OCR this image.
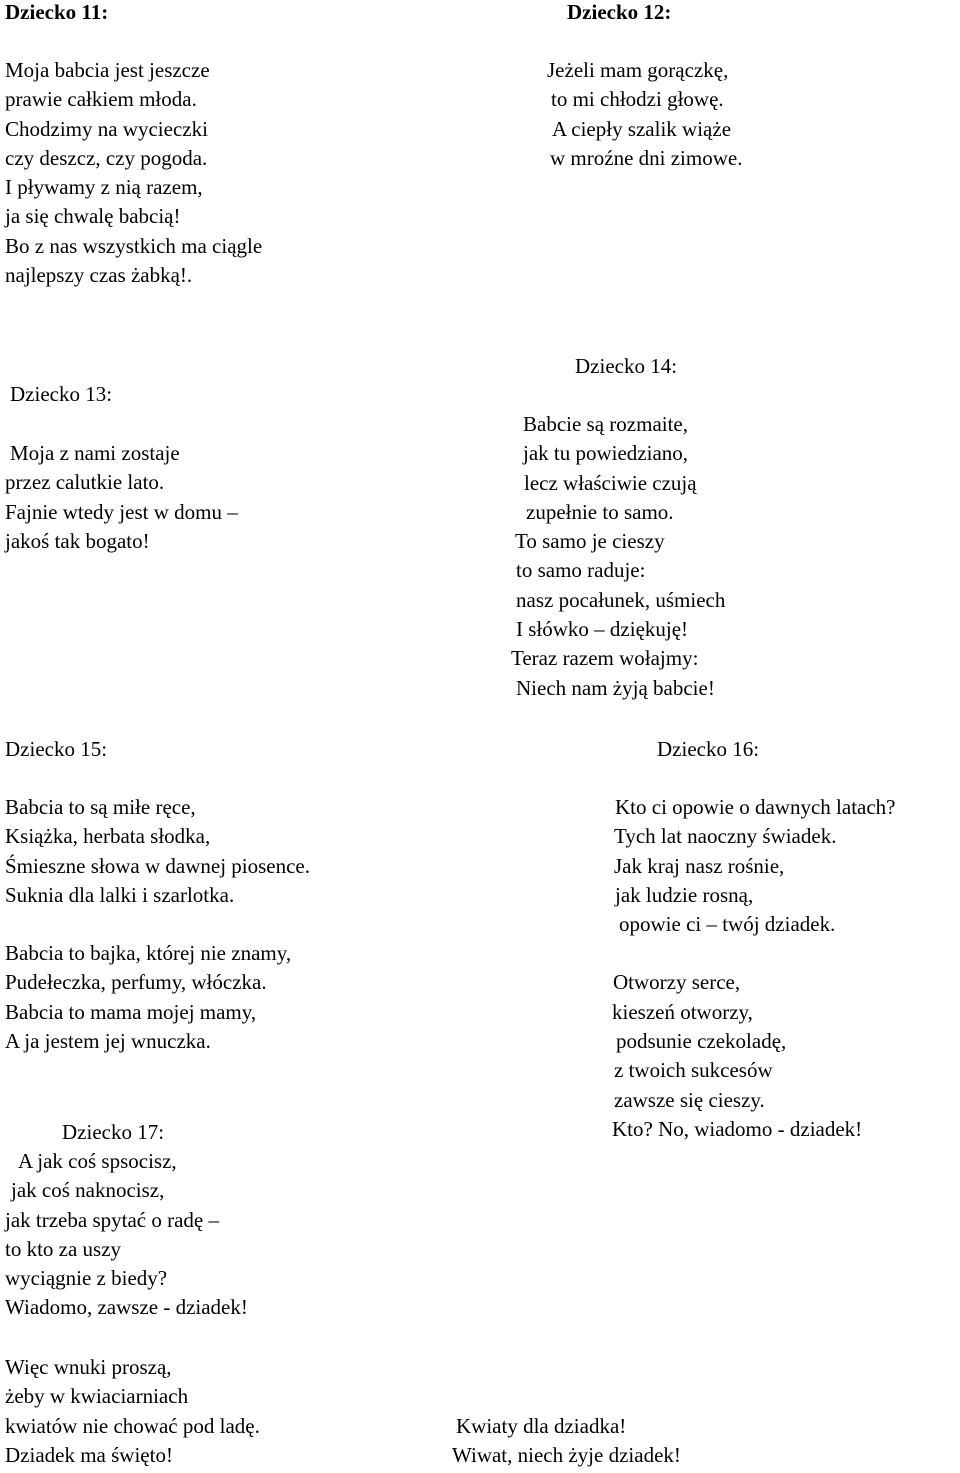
Dziecko 11:
Moja babcia jest jeszcze
prawie całkiem młoda.
Chodzimy na wycieczki
czy deszcz, czy pogoda.
I pływamy z nią razem,
ja się chwalę babcią!
Bo z nas wszystkich ma ciągle
najlepszy czas żabką!.
Dziecko 12:
Jeżeli mam gorączkę,
to mi chłodzi głowę.
A ciepły szalik wiąże
w mroźne dni zimowe.
Dziecko 13:
Moja z nami zostaje
przez calutkie lato.
Fajnie wtedy jest w domu –
jakoś tak bogato!
Dziecko 14:
Babcie są rozmaite,
jak tu powiedziano,
lecz właściwie czują
zupełnie to samo.
To samo je cieszy
to samo raduje:
nasz pocałunek, uśmiech
I słówko – dziękuję!
Teraz razem wołajmy:
Niech nam żyją babcie!
Dziecko 15:
Babcia to są miłe ręce,
Książka, herbata słodka,
Śmieszne słowa w dawnej piosence.
Suknia dla lalki i szarlotka.
Babcia to bajka, której nie znamy,
Pudełeczka, perfumy, włóczka.
Babcia to mama mojej mamy,
A ja jestem jej wnuczka.
Dziecko 16:
Kto ci opowie o dawnych latach?
Tych lat naoczny świadek.
Jak kraj nasz rośnie,
jak ludzie rosną,
opowie ci – twój dziadek.
Otworzy serce,
kieszeń otworzy,
podsunie czekoladę,
z twoich sukcesów
zawsze się cieszy.
Kto? No, wiadomo - dziadek!
Dziecko 17:
A jak coś spsocisz,
jak coś naknocisz,
jak trzeba spytać o radę –
to kto za uszy
wyciągnie z biedy?
Wiadomo, zawsze - dziadek!
Więc wnuki proszą,
żeby w kwiaciarniach
kwiatów nie chować pod ladę.
Dziadek ma święto!
Kwiaty dla dziadka!
Wiwat, niech żyje dziadek!
